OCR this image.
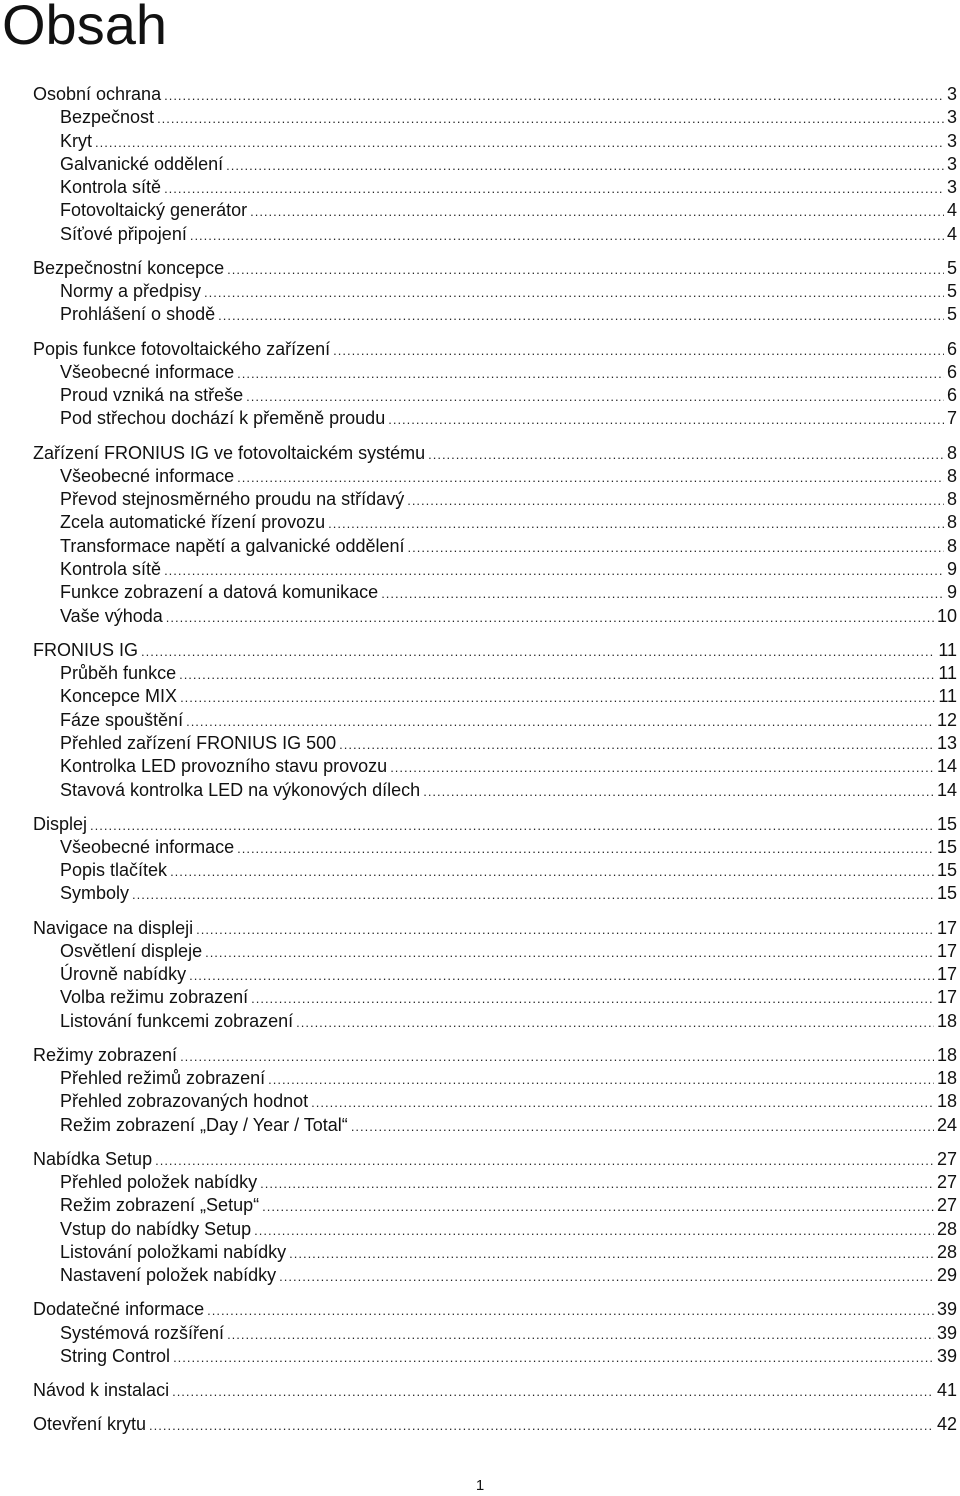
Obsah
Osobní ochrana .....	3
Bezpečnost .....	3
Kryt .....	3
Galvanické oddělení .....	3
Kontrola sítě .....	3
Fotovoltaický generátor .....	4
Síťové připojení .....	4
Bezpečnostní koncepce .....	5
Normy a předpisy .....	5
Prohlášení o shodě .....	5
Popis funkce fotovoltaického zařízení .....	6
Všeobecné informace .....	6
Proud vzniká na střeše .....	6
Pod střechou dochází k přeměně proudu .....	7
Zařízení FRONIUS IG ve fotovoltaickém systému .....	8
Všeobecné informace .....	8
Převod stejnosměrného proudu na střídavý .....	8
Zcela automatické řízení provozu .....	8
Transformace napětí a galvanické oddělení .....	8
Kontrola sítě .....	9
Funkce zobrazení a datová komunikace .....	9
Vaše výhoda .....	10
FRONIUS IG .....	11
Průběh funkce .....	11
Koncepce MIX .....	11
Fáze spouštění .....	12
Přehled zařízení FRONIUS IG 500 .....	13
Kontrolka LED provozního stavu provozu .....	14
Stavová kontrolka LED na výkonových dílech .....	14
Displej .....	15
Všeobecné informace .....	15
Popis tlačítek .....	15
Symboly .....	15
Navigace na displeji .....	17
Osvětlení displeje .....	17
Úrovně nabídky .....	17
Volba režimu zobrazení .....	17
Listování funkcemi zobrazení .....	18
Režimy zobrazení .....	18
Přehled režimů zobrazení .....	18
Přehled zobrazovaných hodnot .....	18
Režim zobrazení „Day / Year / Total“ .....	24
Nabídka Setup .....	27
Přehled položek nabídky .....	27
Režim zobrazení „Setup“ .....	27
Vstup do nabídky Setup .....	28
Listování položkami nabídky .....	28
Nastavení položek nabídky .....	29
Dodatečné informace .....	39
Systémová rozšíření .....	39
String Control .....	39
Návod k instalaci .....	41
Otevření krytu .....	42
1
